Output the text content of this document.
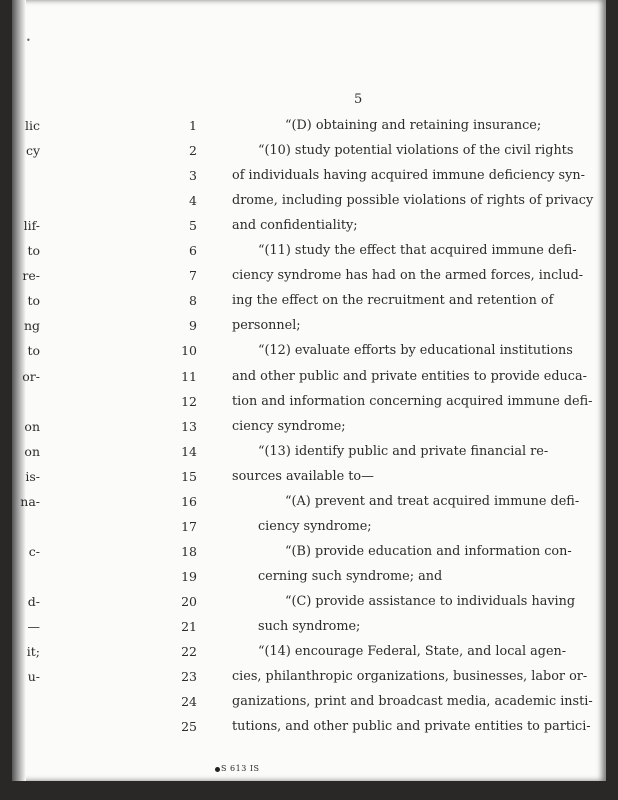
•
5
1	“(D) obtaining and retaining insurance;
lic
2	“(10) study potential violations of the civil rights
cy
3	of individuals having acquired immune deficiency syn-
4	drome, including possible violations of rights of privacy
5	and confidentiality;
lif-
6	“(11) study the effect that acquired immune defi-
to
7	ciency syndrome has had on the armed forces, includ-
re-
8	ing the effect on the recruitment and retention of
to
9	personnel;
ng
10	“(12) evaluate efforts by educational institutions
to
11	and other public and private entities to provide educa-
or-
12	tion and information concerning acquired immune defi-
13	ciency syndrome;
on
14	“(13) identify public and private financial re-
on
15	sources available to—
is-
16	“(A) prevent and treat acquired immune defi-
na-
17	ciency syndrome;
18	“(B) provide education and information con-
c-
19	cerning such syndrome; and
20	“(C) provide assistance to individuals having
d-
21	such syndrome;
—
22	“(14) encourage Federal, State, and local agen-
it;
23	cies, philanthropic organizations, businesses, labor or-
u-
24	ganizations, print and broadcast media, academic insti-
25	tutions, and other public and private entities to partici-
S 613 IS
